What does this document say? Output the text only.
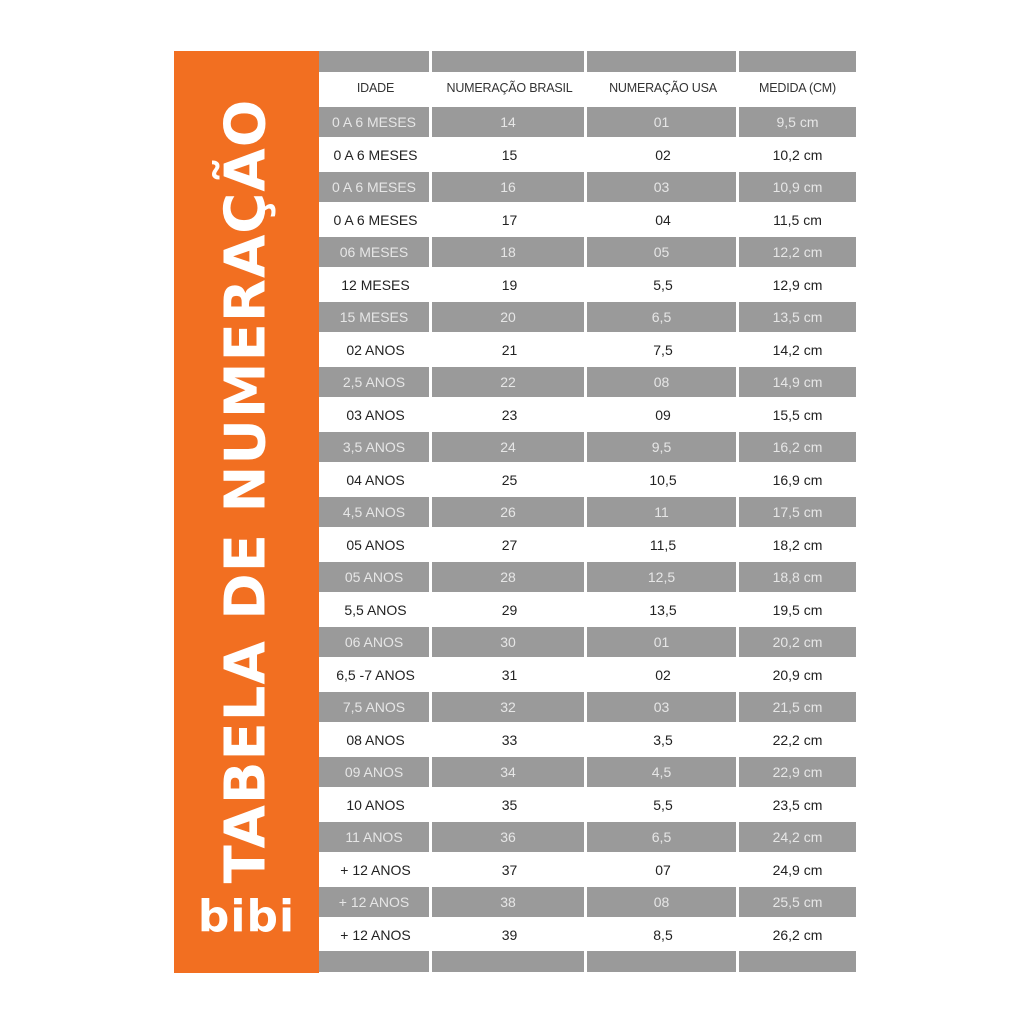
TABELA DE NUMERAÇÃO
bibi
IDADE	NUMERAÇÃO BRASIL	NUMERAÇÃO USA	MEDIDA (CM)
0 A 6 MESES	14	01	9,5 cm
0 A 6 MESES	15	02	10,2 cm
0 A 6 MESES	16	03	10,9 cm
0 A 6 MESES	17	04	11,5 cm
06 MESES	18	05	12,2 cm
12 MESES	19	5,5	12,9 cm
15 MESES	20	6,5	13,5 cm
02 ANOS	21	7,5	14,2 cm
2,5 ANOS	22	08	14,9 cm
03 ANOS	23	09	15,5 cm
3,5 ANOS	24	9,5	16,2 cm
04 ANOS	25	10,5	16,9 cm
4,5 ANOS	26	11	17,5 cm
05 ANOS	27	11,5	18,2 cm
05 ANOS	28	12,5	18,8 cm
5,5 ANOS	29	13,5	19,5 cm
06 ANOS	30	01	20,2 cm
6,5 -7 ANOS	31	02	20,9 cm
7,5 ANOS	32	03	21,5 cm
08 ANOS	33	3,5	22,2 cm
09 ANOS	34	4,5	22,9 cm
10 ANOS	35	5,5	23,5 cm
11 ANOS	36	6,5	24,2 cm
+ 12 ANOS	37	07	24,9 cm
+ 12 ANOS	38	08	25,5 cm
+ 12 ANOS	39	8,5	26,2 cm
